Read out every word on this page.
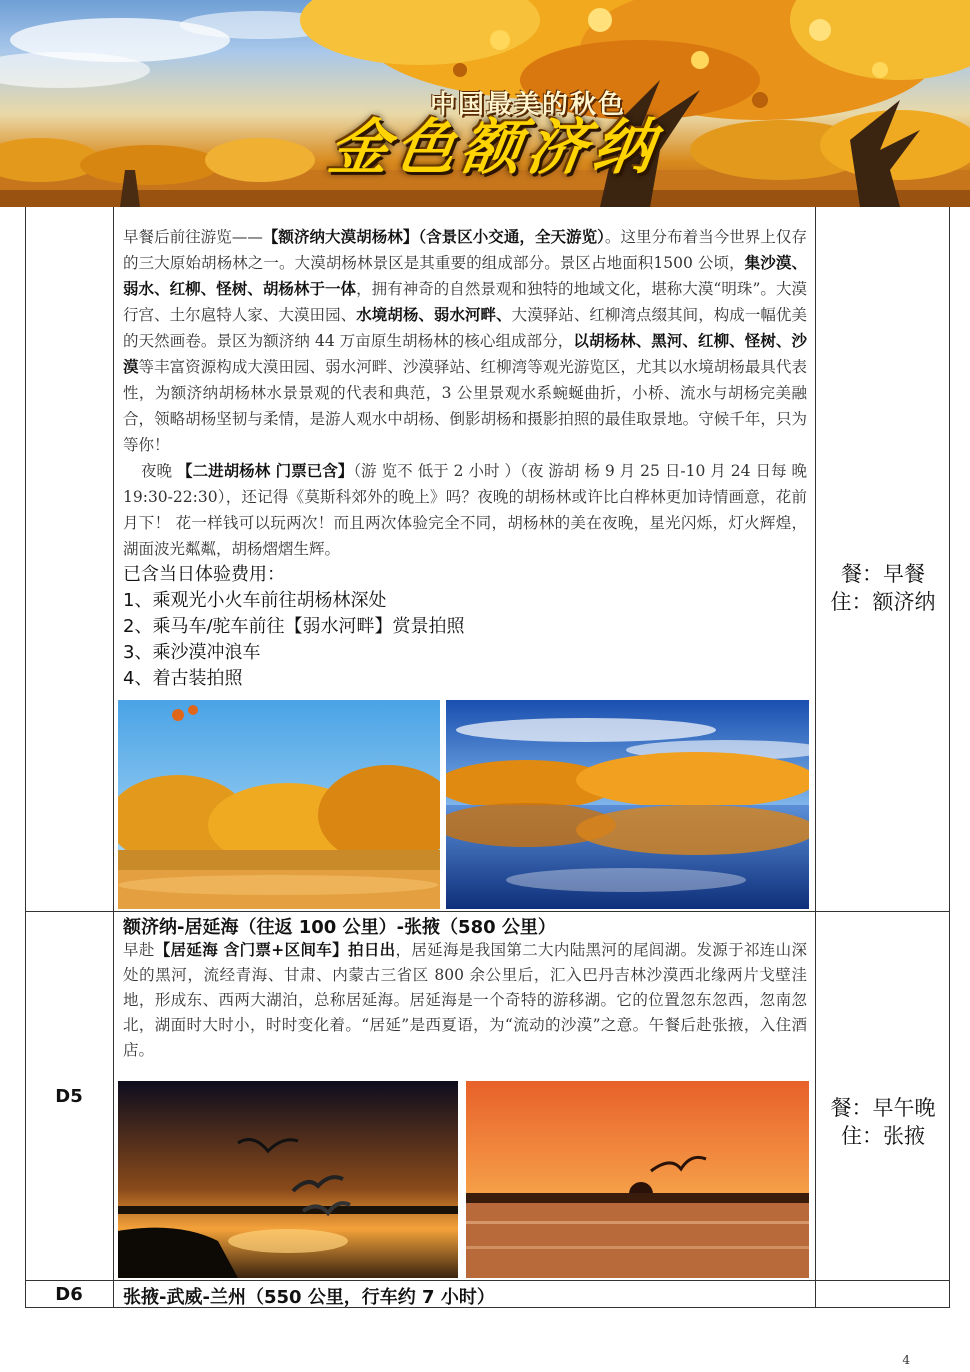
中国最美的秋色
金色额济纳
早餐后前往游览——【额济纳大漠胡杨林】（含景区小交通，全天游览）。这里分布着当今世界上仅存的三大原始胡杨林之一。大漠胡杨林景区是其重要的组成部分。景区占地面积1500 公顷，集沙漠、弱水、红柳、怪树、胡杨林于一体，拥有神奇的自然景观和独特的地域文化，堪称大漠“明珠”。大漠行宫、土尔扈特人家、大漠田园、水境胡杨、弱水河畔、大漠驿站、红柳湾点缀其间，构成一幅优美的天然画卷。景区为额济纳 44 万亩原生胡杨林的核心组成部分，以胡杨林、黑河、红柳、怪树、沙漠等丰富资源构成大漠田园、弱水河畔、沙漠驿站、红柳湾等观光游览区，尤其以水境胡杨最具代表性，为额济纳胡杨林水景景观的代表和典范，3 公里景观水系蜿蜒曲折，小桥、流水与胡杨完美融合，领略胡杨坚韧与柔情，是游人观水中胡杨、倒影胡杨和摄影拍照的最佳取景地。守候千年，只为等你！
夜晚 【二进胡杨林 门票已含】（游 览不 低于 2 小时 ）（夜 游胡 杨 9 月 25 日-10 月 24 日每 晚 19:30-22:30），还记得《莫斯科郊外的晚上》吗？夜晚的胡杨林或许比白桦林更加诗情画意，花前月下！ 花一样钱可以玩两次！而且两次体验完全不同，胡杨林的美在夜晚，星光闪烁，灯火辉煌，湖面波光粼粼，胡杨熠熠生辉。
已含当日体验费用：
1、乘观光小火车前往胡杨林深处
2、乘马车/驼车前往【弱水河畔】赏景拍照
3、乘沙漠冲浪车
4、着古装拍照
餐：早餐
住：额济纳
D5
额济纳-居延海（往返 100 公里）-张掖（580 公里）
早赴【居延海 含门票+区间车】拍日出，居延海是我国第二大内陆黑河的尾闾湖。发源于祁连山深处的黑河，流经青海、甘肃、内蒙古三省区 800 余公里后，汇入巴丹吉林沙漠西北缘两片戈壁洼地，形成东、西两大湖泊，总称居延海。居延海是一个奇特的游移湖。它的位置忽东忽西，忽南忽北，湖面时大时小，时时变化着。“居延”是西夏语，为“流动的沙漠”之意。午餐后赴张掖，入住酒店。
餐：早午晚
住：张掖
D6	张掖-武威-兰州（550 公里，行车约 7 小时）
4
